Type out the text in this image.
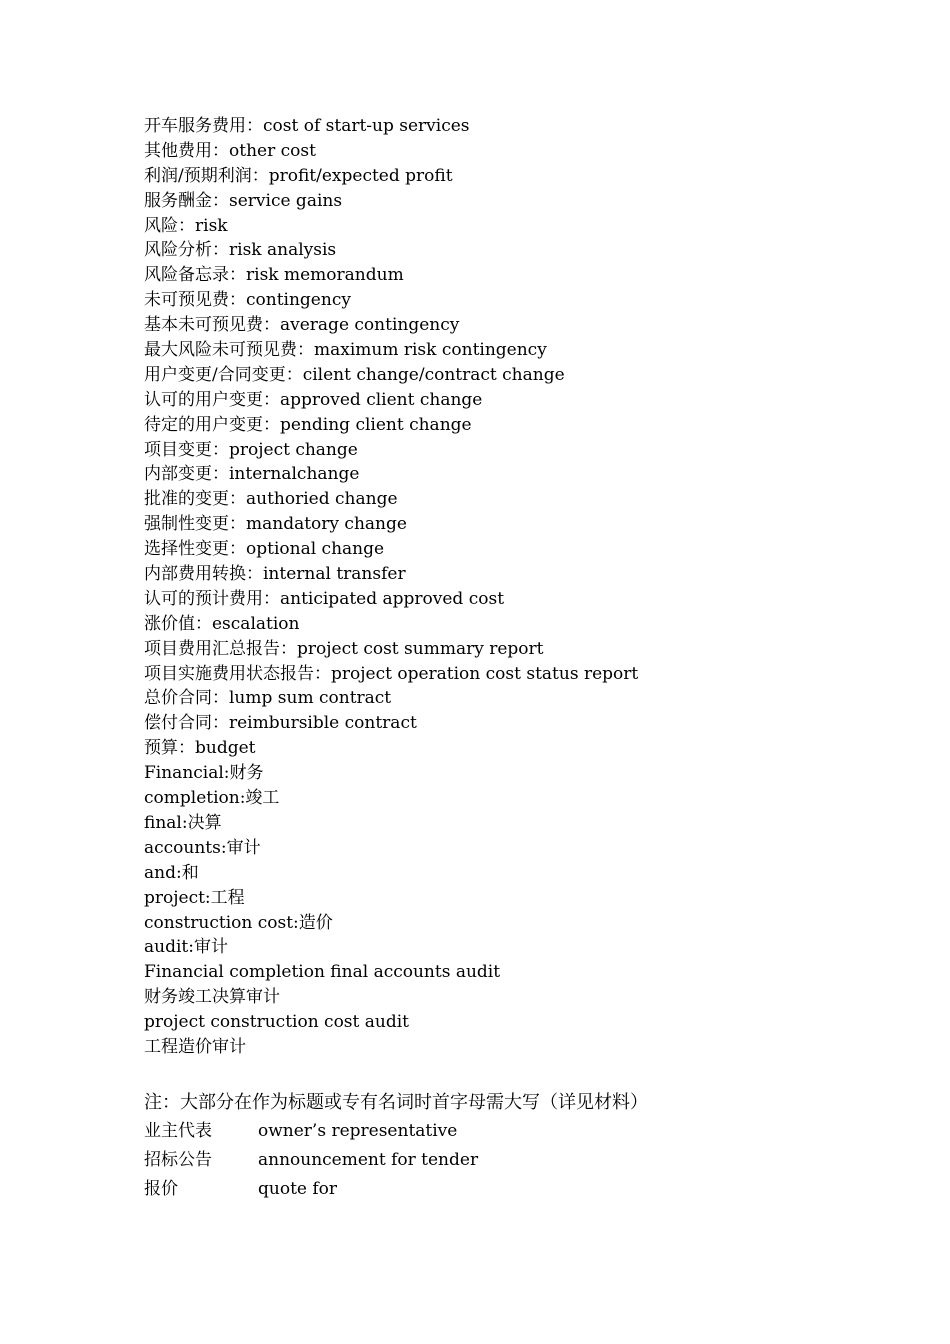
开车服务费用：cost of start-up services
其他费用：other cost
利润/预期利润：profit/expected profit
服务酬金：service gains
风险：risk
风险分析：risk analysis
风险备忘录：risk memorandum
未可预见费：contingency
基本未可预见费：average contingency
最大风险未可预见费：maximum risk contingency
用户变更/合同变更：cilent change/contract change
认可的用户变更：approved client change
待定的用户变更：pending client change
项目变更：project change
内部变更：internalchange
批准的变更：authoried change
强制性变更：mandatory change
选择性变更：optional change
内部费用转换：internal transfer
认可的预计费用：anticipated approved cost
涨价值：escalation
项目费用汇总报告：project cost summary report
项目实施费用状态报告：project operation cost status report
总价合同：lump sum contract
偿付合同：reimbursible contract
预算：budget
Financial:财务
completion:竣工
final:决算
accounts:审计
and:和
project:工程
construction cost:造价
audit:审计
Financial completion final accounts audit
财务竣工决算审计
project construction cost audit
工程造价审计
注：大部分在作为标题或专有名词时首字母需大写（详见材料）
业主代表	owner’s representative
招标公告	announcement for tender
报价	quote for
